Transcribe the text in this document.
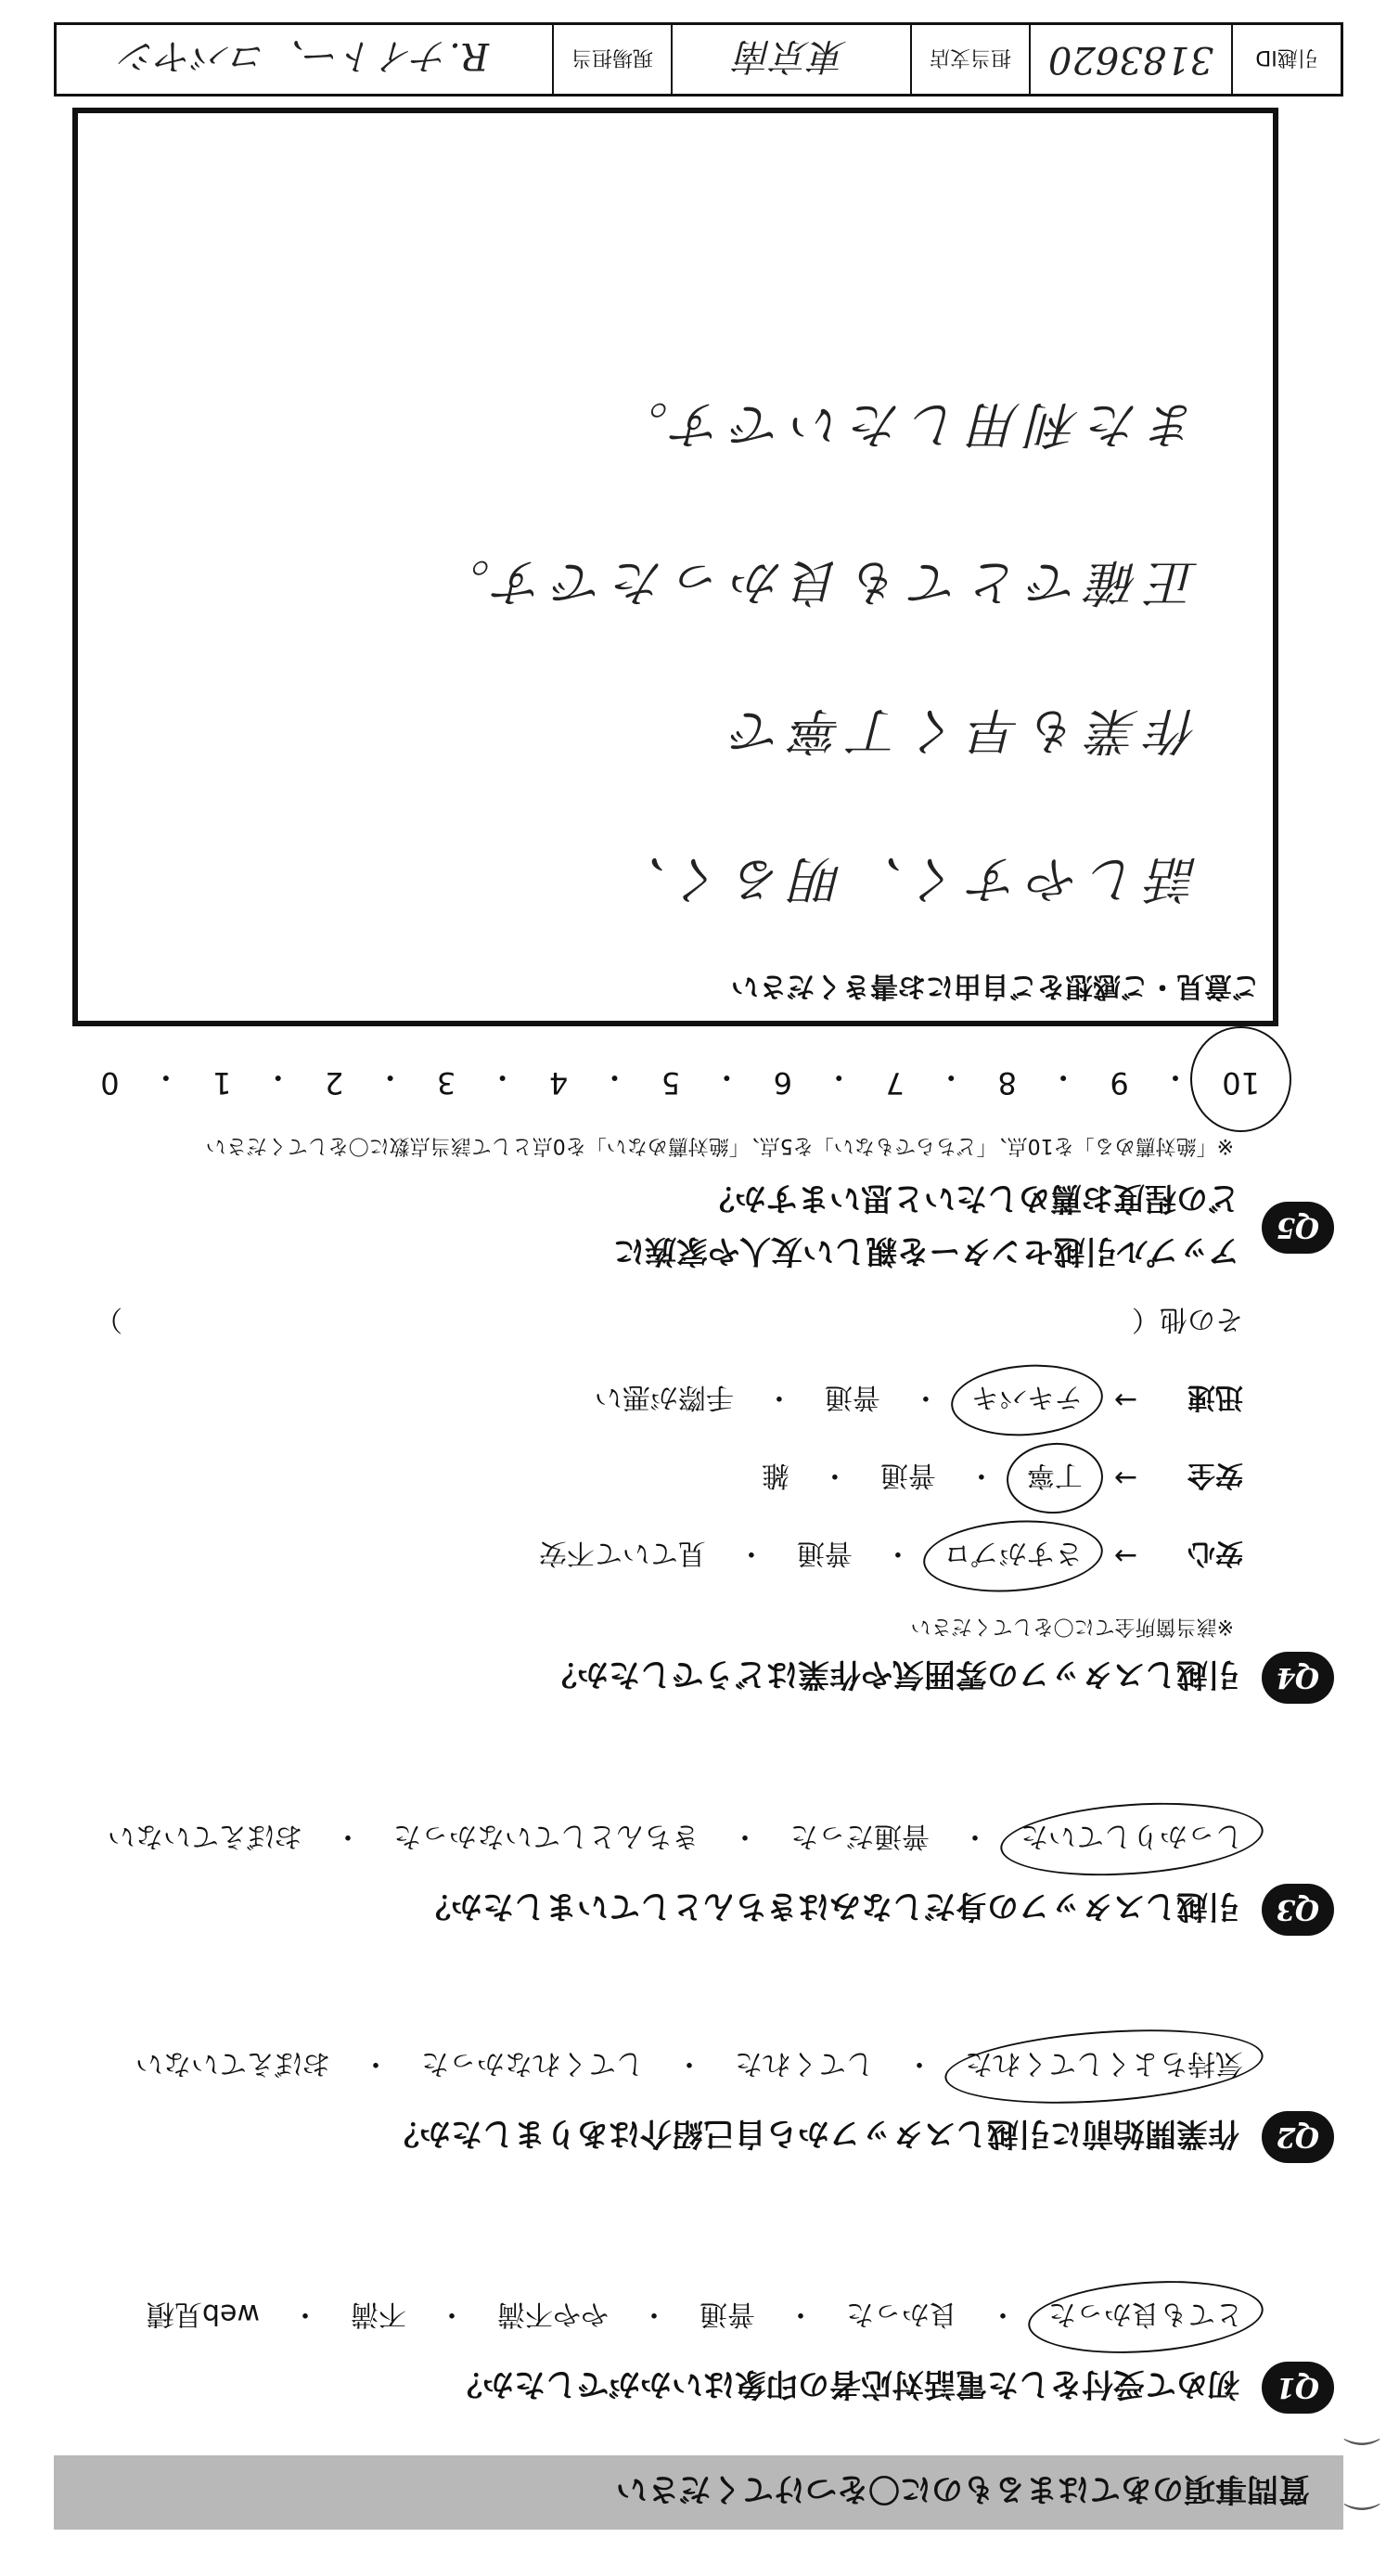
質問事項のあてはまるものに〇をつけてください ⌒
⌒
Q1
初めて受付をした電話対応者の印象はいかがでしたか？
とても良かった
・
良かった
・
普通
・
やや不満
・
不満
・
web見積
Q2
作業開始前に引越しスタッフから自己紹介はありましたか？
気持ちよくしてくれた
・
してくれた
・
してくれなかった
・
おぼえていない
Q3
引越しスタッフの身だしなみはきちんとしていましたか？
しっかりしていた
・
普通だった
・
きちんとしていなかった
・
おぼえていない
Q4
引越しスタッフの雰囲気や作業はどうでしたか？
※該当箇所全てに〇をしてください
安心
→
さすがプロ
・
普通
・
見ていて不安
安全
→
丁寧
・
普通
・
雑
迅速
→
テキパキ
・
普通
・
手際が悪い
その他（
）
Q5
アップル引越センターを親しい友人や家族に
どの程度お薦めしたいと思いますか？
※「絶対薦める」を10点、「どちらでもない」を5点、「絶対薦めない」を0点として該当点数に〇をしてください
10
・
9
・
8
・
7
・
6
・
5
・
4
・
3
・
2
・
1
・
0
ご意見・ご感想をご自由にお書きください
話しやすく、明るく、
作業も早く丁寧で
正確でとても良かったです。
また利用したいです。
引越ID
3183620
担当支店
東京南
現場担当
R.ナイトー、コバヤシ
